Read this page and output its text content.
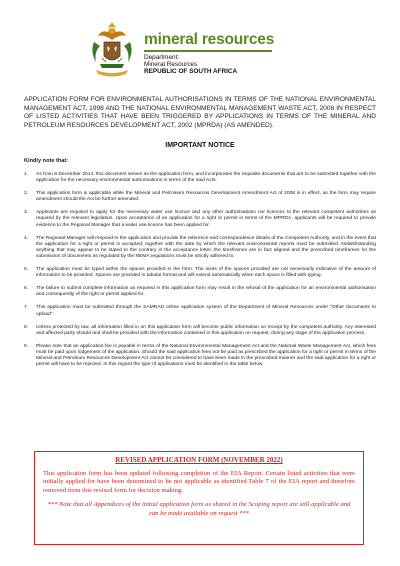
mineral resources
Department:
Mineral Resources
REPUBLIC OF SOUTH AFRICA
APPLICATION FORM FOR ENVIRONMENTAL AUTHORISATIONS IN TERMS OF THE NATIONAL ENVIRONMENTAL MANAGEMENT ACT, 1998 AND THE NATIONAL ENVIRONMENTAL MANAGEMENT WASTE ACT, 2008 IN RESPECT OF LISTED ACTIVITIES THAT HAVE BEEN TRIGGERED BY APPLICATIONS IN TERMS OF THE MINERAL AND PETROLEUM RESOURCES DEVELOPMENT ACT, 2002 (MPRDA) (AS AMENDED).
IMPORTANT NOTICE
Kindly note that:
1. As from 8 December 2014, this document serves as the application form, and incorporates the requisite documents that are to be submitted together with the application for the necessary environmental authorisations in terms of the said Acts.
2. This application form is applicable while the Mineral and Petroleum Resources Development Amendment Act of 2008 is in effect, as the form may require amendment should the Act be further amended.
3. Applicants are required to apply for the necessary water use licence and any other authorisations nor licences to the relevant competent authorities as required by the relevant legislation. Upon acceptance of an application for a right or permit in terms of the MPRDA, applicants will be required to provide evidence to the Regional Manager that a water use licence has been applied for.
4. The Regional Manager will respond to the application and provide the reference and correspondence details of the Competent Authority, and in the event that the application for a right or permit is accepted, together with the date by which the relevant environmental reports must be submitted. Notwithstanding anything that may appear to be stated to the contrary in the acceptance letter, the timeframes are in fact aligned and the prescribed timeframes for the submission of documents as regulated by the NEMA regulations must be strictly adhered to.
5. The application must be typed within the spaces provided in the form. The sizes of the spaces provided are not necessarily indicative of the amount of information to be provided. Spaces are provided in tabular format and will extend automatically when each space is filled with typing.
6. The failure to submit complete information as required in this application form may result in the refusal of the application for an environmental authorisation and consequently of the right or permit applied for.
7. This application must be submitted through the SAMRAD online application system of the Department of Mineral Resources under "Other documents to upload".
8. Unless protected by law, all information filled in on this application form will become public information on receipt by the competent authority. Any interested and affected party should and shall be provided with the information contained in this application on request, during any stage of the application process.
9. Please note that an application fee is payable in terms of the National Environmental Management Act and the National Waste Management Act, which fees must be paid upon lodgement of the application. Should the said application fees not be paid as prescribed the application for a right or permit in terms of the Mineral and Petroleum Resources Development Act cannot be considered to have been made in the prescribed manner and the said application for a right or permit will have to be rejected. In this regard the type of applications must be identified in the table below.
REVISED APPLICATION FORM (NOVEMBER 2022)
This application form has been updated following completion of the EIA Report. Certain listed activities that were initially applied for have been determined to be not applicable as identified Table 7 of the EIA report and therefore removed from this revised form for decision making.
*** Note that all Appendices of the initial application form as shared in the Scoping report are still applicable and can be made available on request ***
